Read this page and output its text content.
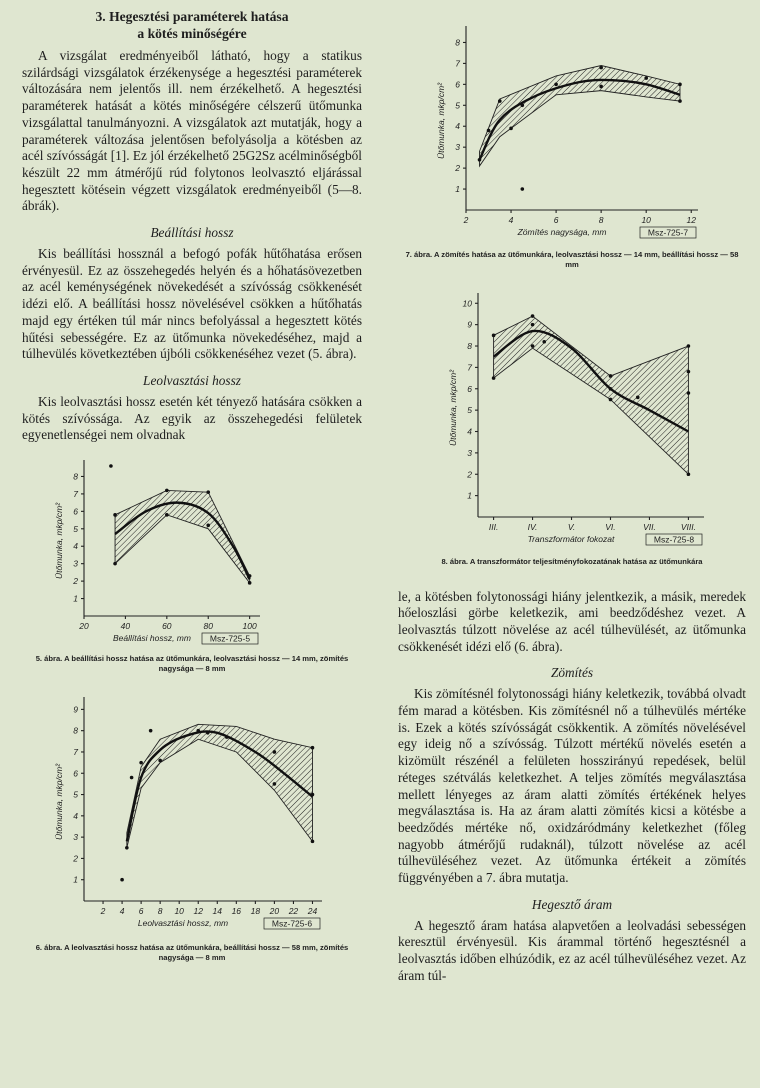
3. Hegesztési paraméterek hatása
a kötés minőségére

A vizsgálat eredményeiből látható, hogy a statikus szilárdsági vizsgálatok érzékenysége a hegesztési paraméterek változására nem jelentős ill. nem érzékelhető. A hegesztési paraméterek hatását a kötés minőségére célszerű ütőmunka vizsgálattal tanulmányozni. A vizsgálatok azt mutatják, hogy a paraméterek változása jelentősen befolyásolja a kötésben az acél szívósságát [1]. Ez jól érzékelhető 25G2Sz acélminőségből készült 22 mm átmérőjű rúd folytonos leolvasztó eljárással hegesztett kötésein végzett vizsgálatok eredményeiből (5—8. ábrák).

Beállítási hossz

Kis beállítási hossznál a befogó pofák hűtőhatása erősen érvényesül. Ez az összehegedés helyén és a hőhatásövezetben az acél keménységének növekedését a szívósság csökkenését idézi elő. A beállítási hossz növelésével csökken a hűtőhatás majd egy értéken túl már nincs befolyással a hegesztett kötés hűtési sebességére. Ez az ütőmunka növekedéséhez, majd a túlhevülés következtében újbóli csökkenéséhez vezet (5. ábra).

Leolvasztási hossz

Kis leolvasztási hossz esetén két tényező hatására csökken a kötés szívóssága. Az egyik az összehegedési felületek egyenetlenségei nem olvadnak

1
2
3
4
5
6
7
8
20	40	60	80	100
Beállítási hossz, mm
Ütőmunka, mkp/cm²
Msz-725-5
5. ábra. A beállítási hossz hatása az ütőmunkára, leolvasztási hossz — 14 mm, zömítés nagysága — 8 mm
1
2
3
4
5
6
7
8
9
2 4 6 8 10 12 14 16 18 20 22 24
Leolvasztási hossz, mm
Ütőmunka, mkp/cm²
Msz-725-6
6. ábra. A leolvasztási hossz hatása az ütőmunkára, beállítási hossz — 58 mm, zömítés nagysága — 8 mm
1
2
3
4
5
6
7
8
2	4	6	8	10	12
Zömítés nagysága, mm
Ütőmunka, mkp/cm²
Msz-725-7
7. ábra. A zömítés hatása az ütőmunkára, leolvasztási hossz — 14 mm, beállítási hossz — 58 mm
1
2
3
4
5
6
7
8
9
10
III.	IV.	V.	VI.	VII.	VIII.
Transzformátor fokozat
Ütőmunka, mkp/cm²
Msz-725-8
8. ábra. A transzformátor teljesítményfokozatának hatása az ütőmunkára

le, a kötésben folytonossági hiány jelentkezik, a másik, meredek hőeloszlási görbe keletkezik, ami beedződéshez vezet. A leolvasztás túlzott növelése az acél túlhevülését, az ütőmunka csökkenését idézi elő (6. ábra).

Zömítés

Kis zömítésnél folytonossági hiány keletkezik, továbbá olvadt fém marad a kötésben. Kis zömítésnél nő a túlhevülés mértéke is. Ezek a kötés szívósságát csökkentik. A zömítés növelésével egy ideig nő a szívósság. Túlzott mértékű növelés esetén a kizömült részénél a felületen hosszirányú repedések, belül réteges szétválás keletkezhet. A teljes zömítés megválasztása mellett lényeges az áram alatti zömítés értékének helyes megválasztása is. Ha az áram alatti zömítés kicsi a kötésbe a beedződés mértéke nő, oxidzáródmány keletkezhet (főleg nagyobb átmérőjű rudaknál), túlzott növelése az acél túlhevüléséhez vezet. Az ütőmunka értékeit a zömítés függvényében a 7. ábra mutatja.

Hegesztő áram

A hegesztő áram hatása alapvetően a leolvadási sebességen keresztül érvényesül. Kis árammal történő hegesztésnél a leolvasztás időben elhúzódik, ez az acél túlhevüléséhez vezet. Az áram túl-
